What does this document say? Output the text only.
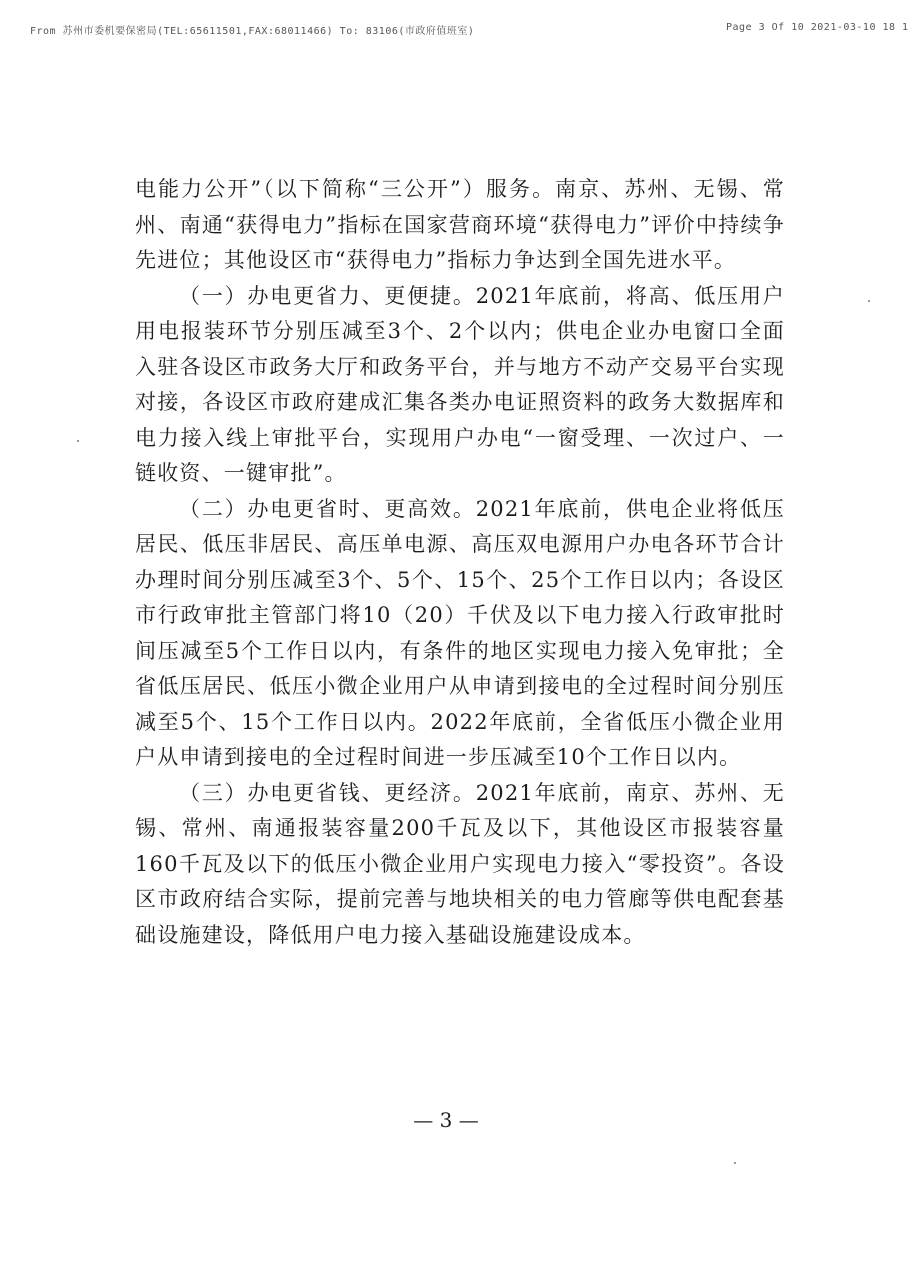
From 苏州市委机要保密局(TEL:65611501,FAX:68011466) To: 83106(市政府值班室)	Page 3 Of 10 2021-03-10 18 1

电能力公开”（以下简称“三公开”）服务。南京、苏州、无锡、常州、南通“获得电力”指标在国家营商环境“获得电力”评价中持续争先进位；其他设区市“获得电力”指标力争达到全国先进水平。

（一）办电更省力、更便捷。2021年底前，将高、低压用户用电报装环节分别压减至3个、2个以内；供电企业办电窗口全面入驻各设区市政务大厅和政务平台，并与地方不动产交易平台实现对接，各设区市政府建成汇集各类办电证照资料的政务大数据库和电力接入线上审批平台，实现用户办电“一窗受理、一次过户、一链收资、一键审批”。

（二）办电更省时、更高效。2021年底前，供电企业将低压居民、低压非居民、高压单电源、高压双电源用户办电各环节合计办理时间分别压减至3个、5个、15个、25个工作日以内；各设区市行政审批主管部门将10（20）千伏及以下电力接入行政审批时间压减至5个工作日以内，有条件的地区实现电力接入免审批；全省低压居民、低压小微企业用户从申请到接电的全过程时间分别压减至5个、15个工作日以内。2022年底前，全省低压小微企业用户从申请到接电的全过程时间进一步压减至10个工作日以内。

（三）办电更省钱、更经济。2021年底前，南京、苏州、无锡、常州、南通报装容量200千瓦及以下，其他设区市报装容量160千瓦及以下的低压小微企业用户实现电力接入“零投资”。各设区市政府结合实际，提前完善与地块相关的电力管廊等供电配套基础设施建设，降低用户电力接入基础设施建设成本。

— 3 —
